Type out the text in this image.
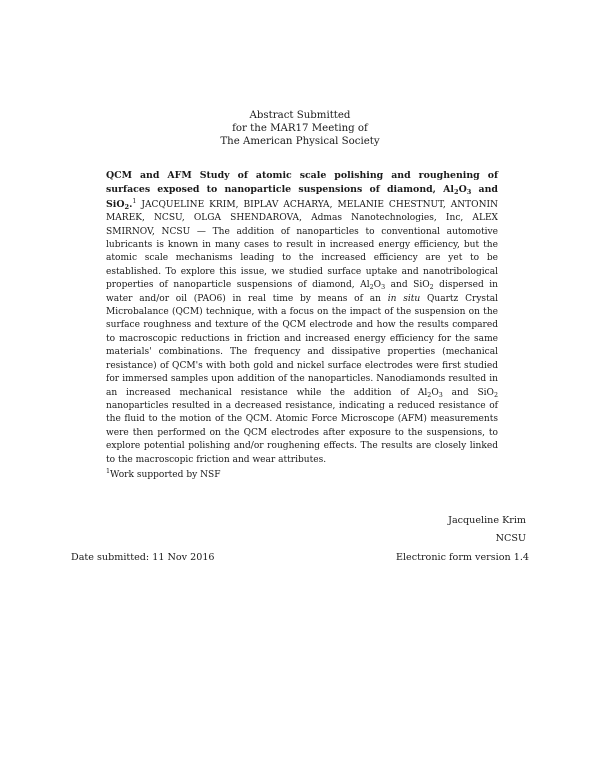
Abstract Submitted
for the MAR17 Meeting of
The American Physical Society
QCM and AFM Study of atomic scale polishing and roughening of surfaces exposed to nanoparticle suspensions of diamond, $Al_2O_3$ and SiO$_2$.$^1$ JACQUELINE KRIM, BIPLAV ACHARYA, MELANIE CHESTNUT, ANTONIN MAREK, NCSU, OLGA SHENDAROVA, Admas Nanotechnologies, Inc, ALEX SMIRNOV, NCSU — The addition of nanoparticles to conventional automotive lubricants is known in many cases to result in increased energy efficiency, but the atomic scale mechanisms leading to the increased efficiency are yet to be established. To explore this issue, we studied surface uptake and nanotribological properties of nanoparticle suspensions of diamond, $Al_2O_3$ and SiO$_2$ dispersed in water and/or oil (PAO6) in real time by means of an in situ Quartz Crystal Microbalance (QCM) technique, with a focus on the impact of the suspension on the surface roughness and texture of the QCM electrode and how the results compared to macroscopic reductions in friction and increased energy efficiency for the same materials' combinations. The frequency and dissipative properties (mechanical resistance) of QCM's with both gold and nickel surface electrodes were first studied for immersed samples upon addition of the nanoparticles. Nanodiamonds resulted in an increased mechanical resistance while the addition of $Al_2O_3$ and SiO$_2$ nanoparticles resulted in a decreased resistance, indicating a reduced resistance of the fluid to the motion of the QCM. Atomic Force Microscope (AFM) measurements were then performed on the QCM electrodes after exposure to the suspensions, to explore potential polishing and/or roughening effects. The results are closely linked to the macroscopic friction and wear attributes.
$^1$Work supported by NSF
Jacqueline Krim
NCSU
Date submitted: 11 Nov 2016	Electronic form version 1.4
